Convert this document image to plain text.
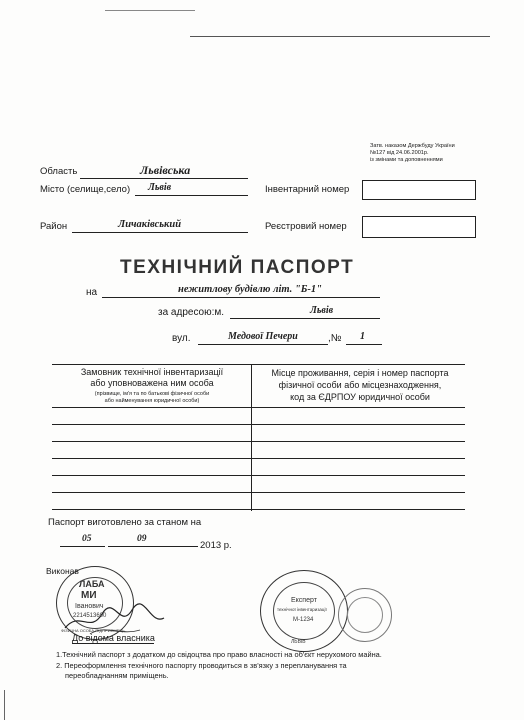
Затв. наказом Держбуду України
№127 від 24.06.2001р.
із змінами та доповненнями
Область	Львівська
Місто (селище,село) Львів	Інвентарний номер
Район	Личаківський	Реєстровий номер
ТЕХНІЧНИЙ ПАСПОРТ
на	нежитлову будівлю літ. "Б-1"
за адресою:м.	Львів
вул.	Медової Печери	,№ 1
Замовник технічної інвентаризації
або уповноважена ним особа
(прізвище, ім'я та по батькові фізичної особи
або найменування юридичної особи)
Місце проживання, серія і номер паспорта
фізичної особи або місцезнаходження,
код за ЄДРПОУ юридичної особи
Паспорт виготовлено за станом на
05	09
2013 р.
Виконав
ЛАБА
МИ
Іванович
2214513690
ФІЗИЧНА ОСОБА-ПІДПРИЄМЕЦЬ
Експерт
технічної інвентаризації
M-1234
ЛЬВІВ
До відома власника
1.Технічний паспорт з додатком до свідоцтва про право власності на об'єкт нерухомого майна.
2. Переоформлення технічного паспорту проводиться в зв'язку з перепланування та
переобладнанням приміщень.
